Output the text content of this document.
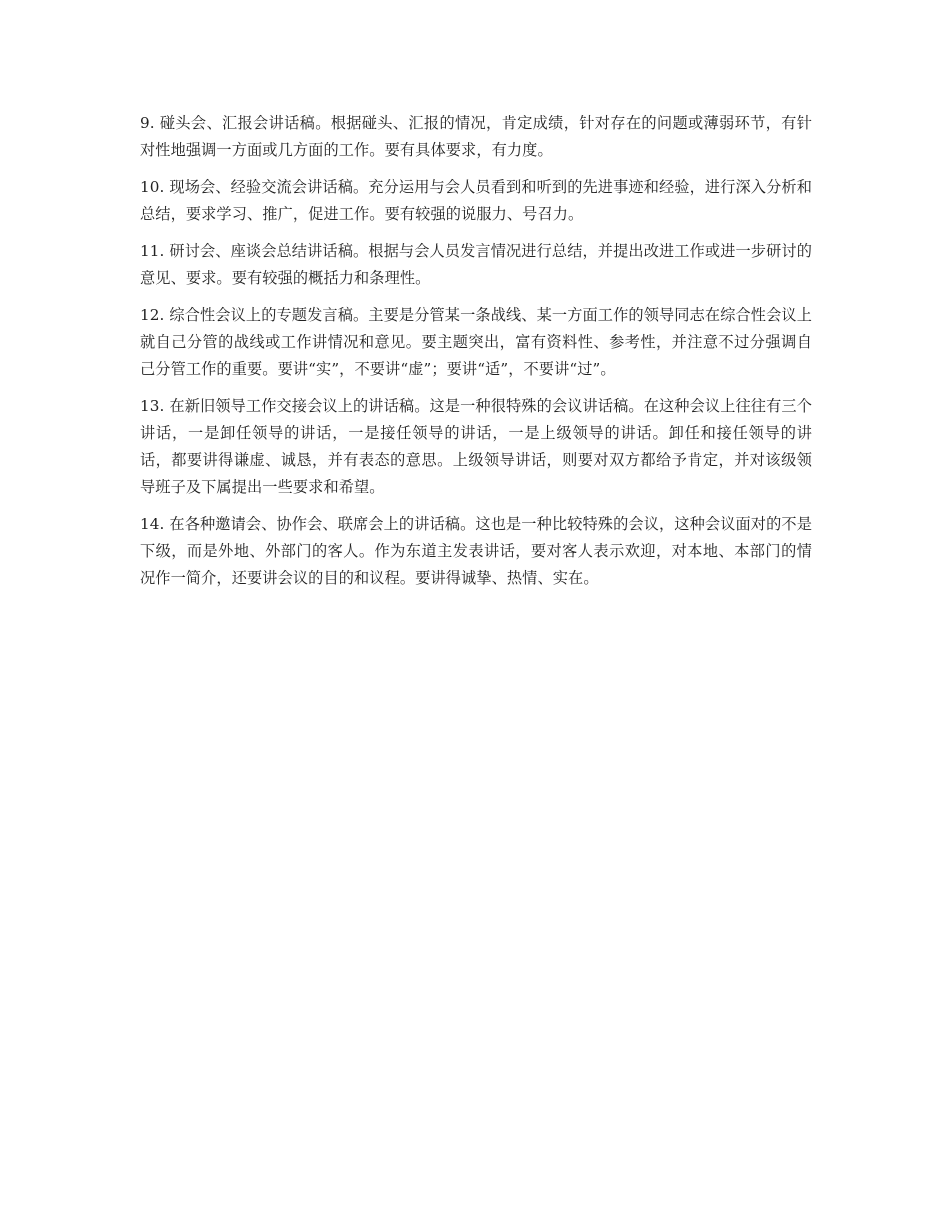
9. 碰头会、汇报会讲话稿。根据碰头、汇报的情况，肯定成绩，针对存在的问题或薄弱环节，有针对性地强调一方面或几方面的工作。要有具体要求，有力度。

10. 现场会、经验交流会讲话稿。充分运用与会人员看到和听到的先进事迹和经验，进行深入分析和总结，要求学习、推广，促进工作。要有较强的说服力、号召力。

11. 研讨会、座谈会总结讲话稿。根据与会人员发言情况进行总结，并提出改进工作或进一步研讨的意见、要求。要有较强的概括力和条理性。

12. 综合性会议上的专题发言稿。主要是分管某一条战线、某一方面工作的领导同志在综合性会议上就自己分管的战线或工作讲情况和意见。要主题突出，富有资料性、参考性，并注意不过分强调自己分管工作的重要。要讲“实”，不要讲“虚”；要讲“适”，不要讲“过”。

13. 在新旧领导工作交接会议上的讲话稿。这是一种很特殊的会议讲话稿。在这种会议上往往有三个讲话，一是卸任领导的讲话，一是接任领导的讲话，一是上级领导的讲话。卸任和接任领导的讲话，都要讲得谦虚、诚恳，并有表态的意思。上级领导讲话，则要对双方都给予肯定，并对该级领导班子及下属提出一些要求和希望。

14. 在各种邀请会、协作会、联席会上的讲话稿。这也是一种比较特殊的会议，这种会议面对的不是下级，而是外地、外部门的客人。作为东道主发表讲话，要对客人表示欢迎，对本地、本部门的情况作一简介，还要讲会议的目的和议程。要讲得诚挚、热情、实在。
